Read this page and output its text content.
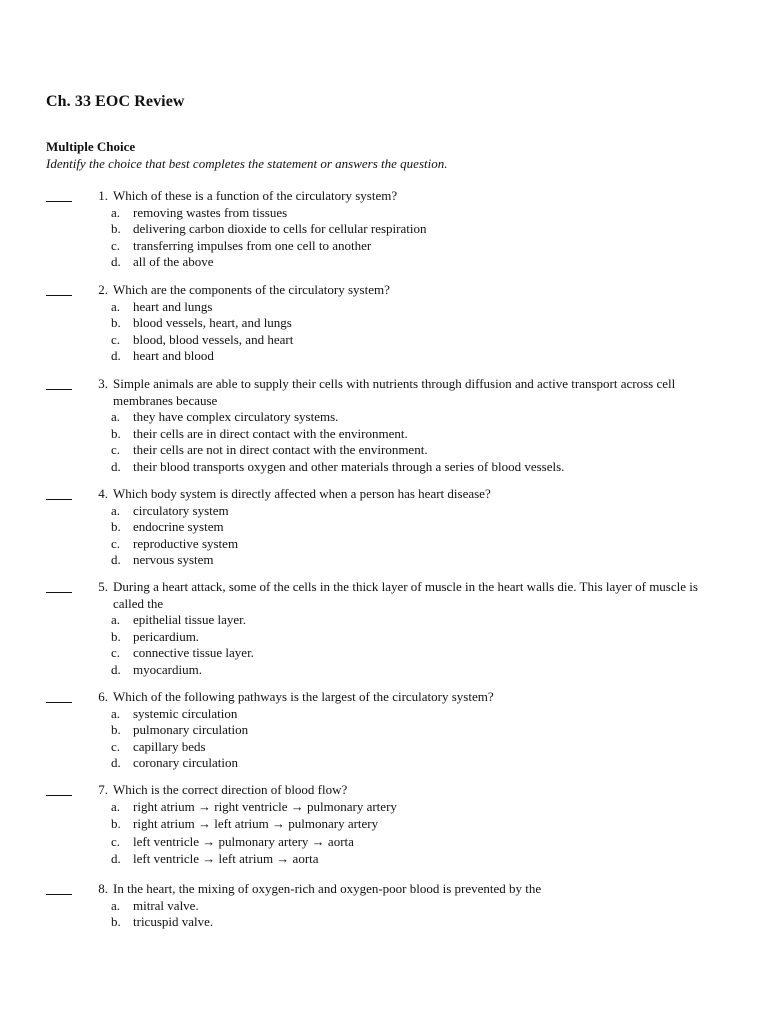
Ch. 33 EOC Review
Multiple Choice
Identify the choice that best completes the statement or answers the question.
1. Which of these is a function of the circulatory system?
a. removing wastes from tissues
b. delivering carbon dioxide to cells for cellular respiration
c. transferring impulses from one cell to another
d. all of the above
2. Which are the components of the circulatory system?
a. heart and lungs
b. blood vessels, heart, and lungs
c. blood, blood vessels, and heart
d. heart and blood
3. Simple animals are able to supply their cells with nutrients through diffusion and active transport across cell membranes because
a. they have complex circulatory systems.
b. their cells are in direct contact with the environment.
c. their cells are not in direct contact with the environment.
d. their blood transports oxygen and other materials through a series of blood vessels.
4. Which body system is directly affected when a person has heart disease?
a. circulatory system
b. endocrine system
c. reproductive system
d. nervous system
5. During a heart attack, some of the cells in the thick layer of muscle in the heart walls die. This layer of muscle is called the
a. epithelial tissue layer.
b. pericardium.
c. connective tissue layer.
d. myocardium.
6. Which of the following pathways is the largest of the circulatory system?
a. systemic circulation
b. pulmonary circulation
c. capillary beds
d. coronary circulation
7. Which is the correct direction of blood flow?
a. right atrium → right ventricle → pulmonary artery
b. right atrium → left atrium → pulmonary artery
c. left ventricle → pulmonary artery → aorta
d. left ventricle → left atrium → aorta
8. In the heart, the mixing of oxygen-rich and oxygen-poor blood is prevented by the
a. mitral valve.
b. tricuspid valve.
